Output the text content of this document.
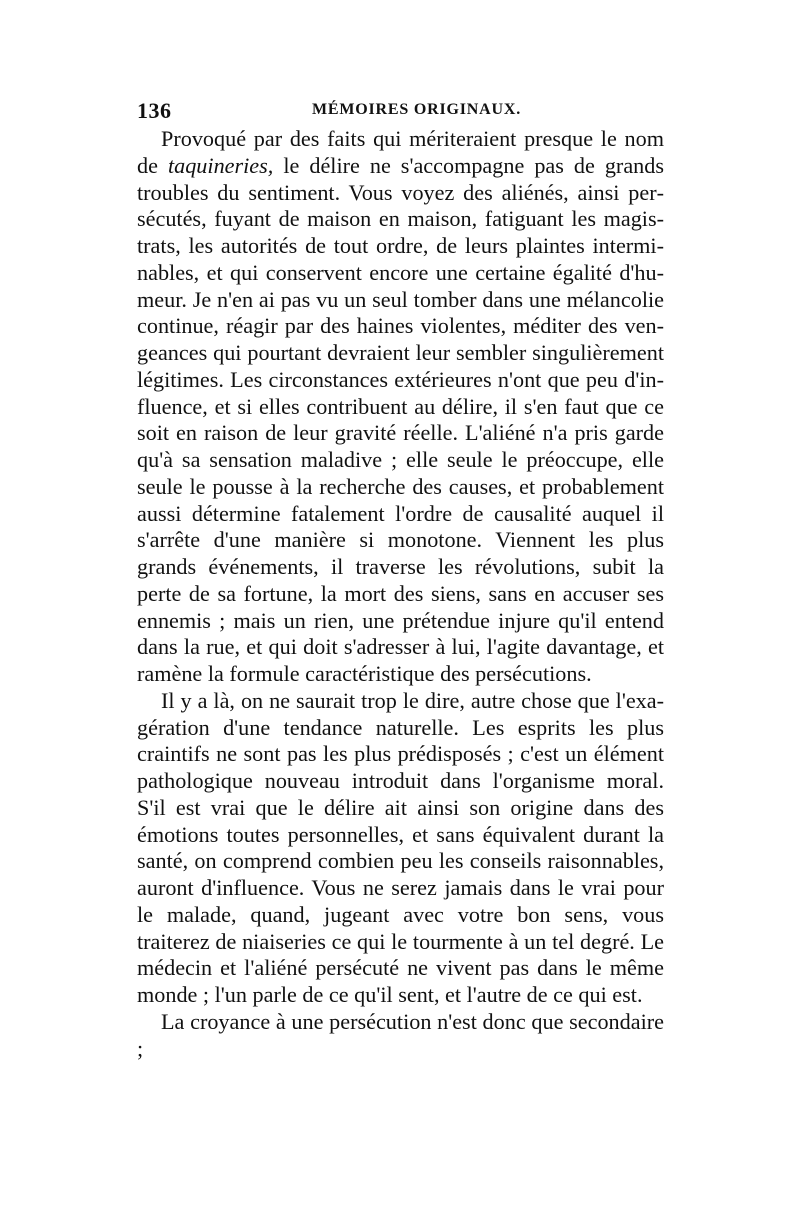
136	MÉMOIRES ORIGINAUX.

Provoqué par des faits qui mériteraient presque le nom de taquineries, le délire ne s'accompagne pas de grands troubles du sentiment. Vous voyez des aliénés, ainsi persécutés, fuyant de maison en maison, fatiguant les magistrats, les autorités de tout ordre, de leurs plaintes interminables, et qui conservent encore une certaine égalité d'humeur. Je n'en ai pas vu un seul tomber dans une mélancolie continue, réagir par des haines violentes, méditer des vengeances qui pourtant devraient leur sembler singulièrement légitimes. Les circonstances extérieures n'ont que peu d'influence, et si elles contribuent au délire, il s'en faut que ce soit en raison de leur gravité réelle. L'aliéné n'a pris garde qu'à sa sensation maladive ; elle seule le préoccupe, elle seule le pousse à la recherche des causes, et probablement aussi détermine fatalement l'ordre de causalité auquel il s'arrête d'une manière si monotone. Viennent les plus grands événements, il traverse les révolutions, subit la perte de sa fortune, la mort des siens, sans en accuser ses ennemis ; mais un rien, une prétendue injure qu'il entend dans la rue, et qui doit s'adresser à lui, l'agite davantage, et ramène la formule caractéristique des persécutions.

Il y a là, on ne saurait trop le dire, autre chose que l'exagération d'une tendance naturelle. Les esprits les plus craintifs ne sont pas les plus prédisposés ; c'est un élément pathologique nouveau introduit dans l'organisme moral. S'il est vrai que le délire ait ainsi son origine dans des émotions toutes personnelles, et sans équivalent durant la santé, on comprend combien peu les conseils raisonnables, auront d'influence. Vous ne serez jamais dans le vrai pour le malade, quand, jugeant avec votre bon sens, vous traiterez de niaiseries ce qui le tourmente à un tel degré. Le médecin et l'aliéné persécuté ne vivent pas dans le même monde ; l'un parle de ce qu'il sent, et l'autre de ce qui est.

La croyance à une persécution n'est donc que secondaire ;
